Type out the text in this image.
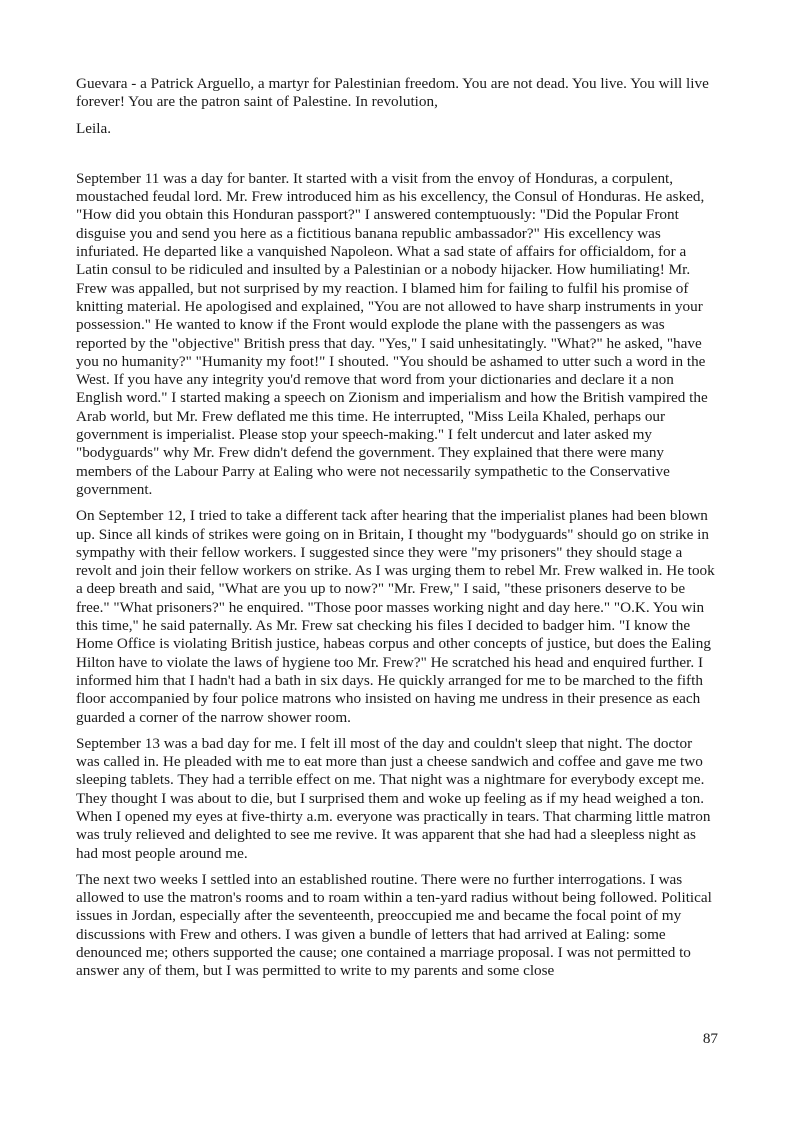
Guevara - a Patrick Arguello, a martyr for Palestinian freedom. You are not dead. You live. You will live forever! You are the patron saint of Palestine. In revolution,

Leila.

September 11 was a day for banter. It started with a visit from the envoy of Honduras, a corpulent, moustached feudal lord. Mr. Frew introduced him as his excellency, the Consul of Honduras. He asked, "How did you obtain this Honduran passport?" I answered contemptuously: "Did the Popular Front disguise you and send you here as a fictitious banana republic ambassador?" His excellency was infuriated. He departed like a vanquished Napoleon. What a sad state of affairs for officialdom, for a Latin consul to be ridiculed and insulted by a Palestinian or a nobody hijacker. How humiliating! Mr. Frew was appalled, but not surprised by my reaction. I blamed him for failing to fulfil his promise of knitting material. He apologised and explained, "You are not allowed to have sharp instruments in your possession." He wanted to know if the Front would explode the plane with the passengers as was reported by the "objective" British press that day. "Yes," I said unhesitatingly. "What?" he asked, "have you no humanity?" "Humanity my foot!" I shouted. "You should be ashamed to utter such a word in the West. If you have any integrity you'd remove that word from your dictionaries and declare it a non English word." I started making a speech on Zionism and imperialism and how the British vampired the Arab world, but Mr. Frew deflated me this time. He interrupted, "Miss Leila Khaled, perhaps our government is imperialist. Please stop your speech-making." I felt undercut and later asked my "bodyguards" why Mr. Frew didn't defend the government. They explained that there were many members of the Labour Parry at Ealing who were not necessarily sympathetic to the Conservative government.

On September 12, I tried to take a different tack after hearing that the imperialist planes had been blown up. Since all kinds of strikes were going on in Britain, I thought my "bodyguards" should go on strike in sympathy with their fellow workers. I suggested since they were "my prisoners" they should stage a revolt and join their fellow workers on strike. As I was urging them to rebel Mr. Frew walked in. He took a deep breath and said, "What are you up to now?" "Mr. Frew," I said, "these prisoners deserve to be free." "What prisoners?" he enquired. "Those poor masses working night and day here." "O.K. You win this time," he said paternally. As Mr. Frew sat checking his files I decided to badger him. "I know the Home Office is violating British justice, habeas corpus and other concepts of justice, but does the Ealing Hilton have to violate the laws of hygiene too Mr. Frew?" He scratched his head and enquired further. I informed him that I hadn't had a bath in six days. He quickly arranged for me to be marched to the fifth floor accompanied by four police matrons who insisted on having me undress in their presence as each guarded a corner of the narrow shower room.

September 13 was a bad day for me. I felt ill most of the day and couldn't sleep that night. The doctor was called in. He pleaded with me to eat more than just a cheese sandwich and coffee and gave me two sleeping tablets. They had a terrible effect on me. That night was a nightmare for everybody except me. They thought I was about to die, but I surprised them and woke up feeling as if my head weighed a ton. When I opened my eyes at five-thirty a.m. everyone was practically in tears. That charming little matron was truly relieved and delighted to see me revive. It was apparent that she had had a sleepless night as had most people around me.

The next two weeks I settled into an established routine. There were no further interrogations. I was allowed to use the matron's rooms and to roam within a ten-yard radius without being followed. Political issues in Jordan, especially after the seventeenth, preoccupied me and became the focal point of my discussions with Frew and others. I was given a bundle of letters that had arrived at Ealing: some denounced me; others supported the cause; one contained a marriage proposal. I was not permitted to answer any of them, but I was permitted to write to my parents and some close

87
